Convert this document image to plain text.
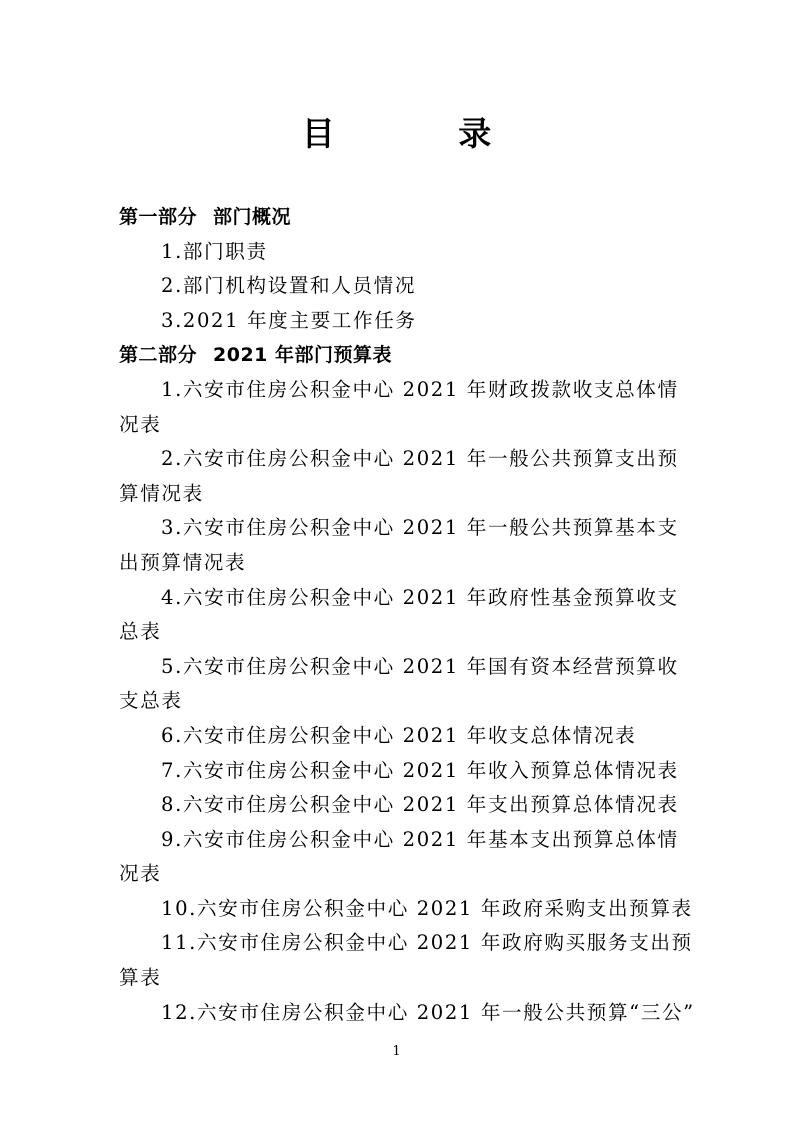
目 录
第一部分 部门概况
1.部门职责
2.部门机构设置和人员情况
3.2021 年度主要工作任务
第二部分 2021 年部门预算表
1.六安市住房公积金中心 2021 年财政拨款收支总体情
况表
2.六安市住房公积金中心 2021 年一般公共预算支出预
算情况表
3.六安市住房公积金中心 2021 年一般公共预算基本支
出预算情况表
4.六安市住房公积金中心 2021 年政府性基金预算收支
总表
5.六安市住房公积金中心 2021 年国有资本经营预算收
支总表
6.六安市住房公积金中心 2021 年收支总体情况表
7.六安市住房公积金中心 2021 年收入预算总体情况表
8.六安市住房公积金中心 2021 年支出预算总体情况表
9.六安市住房公积金中心 2021 年基本支出预算总体情
况表
10.六安市住房公积金中心 2021 年政府采购支出预算表
11.六安市住房公积金中心 2021 年政府购买服务支出预
算表
12.六安市住房公积金中心 2021 年一般公共预算“三公”
1
